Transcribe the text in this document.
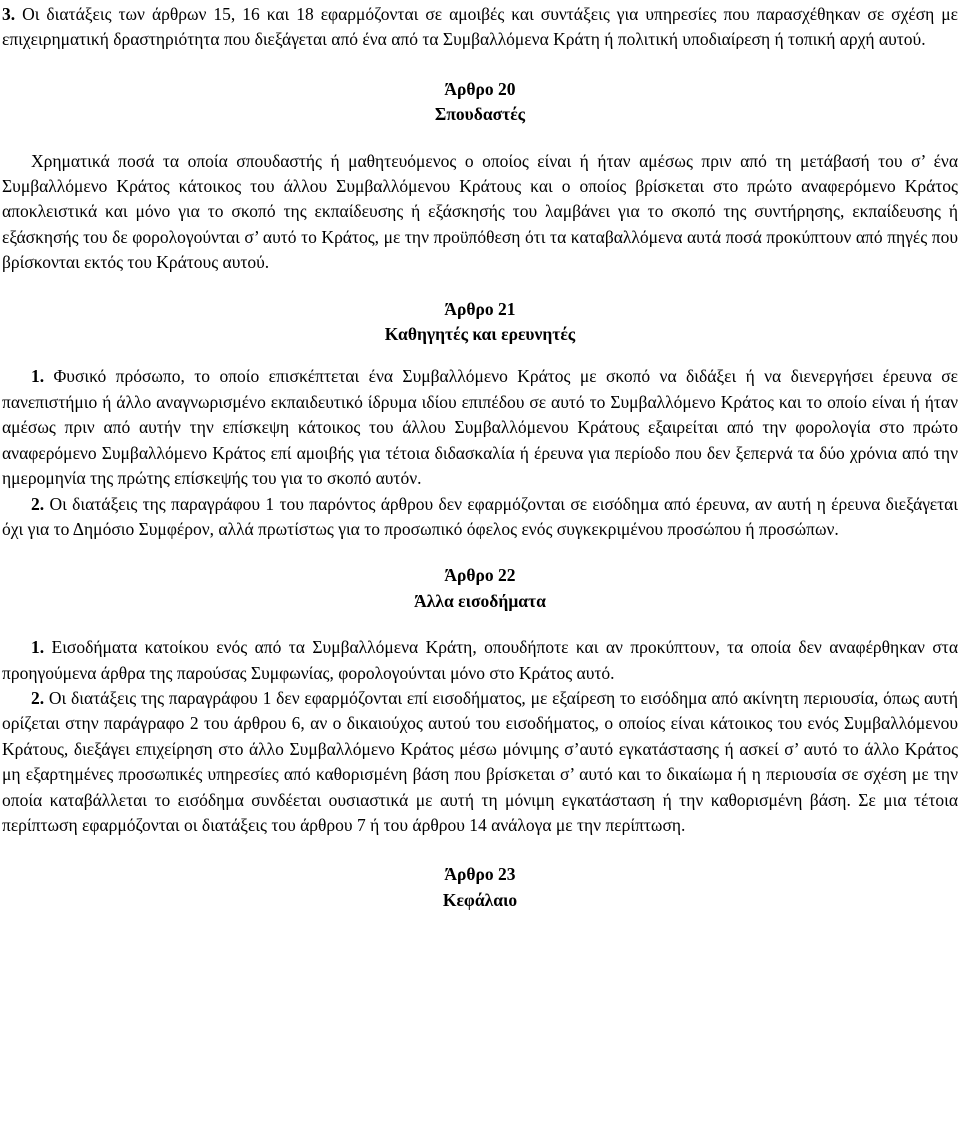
3. Οι διατάξεις των άρθρων 15, 16 και 18 εφαρμόζονται σε αμοιβές και συντάξεις για υπηρεσίες που παρασχέθηκαν σε σχέση με επιχειρηματική δραστηριότητα που διεξάγεται από ένα από τα Συμβαλλόμενα Κράτη ή πολιτική υποδιαίρεση ή τοπική αρχή αυτού.

Άρθρο 20

Σπουδαστές

Χρηματικά ποσά τα οποία σπουδαστής ή μαθητευόμενος ο οποίος είναι ή ήταν αμέσως πριν από τη μετάβασή του σ’ ένα Συμβαλλόμενο Κράτος κάτοικος του άλλου Συμβαλλόμενου Κράτους και ο οποίος βρίσκεται στο πρώτο αναφερόμενο Κράτος αποκλειστικά και μόνο για το σκοπό της εκπαίδευσης ή εξάσκησής του λαμβάνει για το σκοπό της συντήρησης, εκπαίδευσης ή εξάσκησής του δε φορολογούνται σ’ αυτό το Κράτος, με την προϋπόθεση ότι τα καταβαλλόμενα αυτά ποσά προκύπτουν από πηγές που βρίσκονται εκτός του Κράτους αυτού.

Άρθρο 21

Καθηγητές και ερευνητές

1. Φυσικό πρόσωπο, το οποίο επισκέπτεται ένα Συμβαλλόμενο Κράτος με σκοπό να διδάξει ή να διενεργήσει έρευνα σε πανεπιστήμιο ή άλλο αναγνωρισμένο εκπαιδευτικό ίδρυμα ιδίου επιπέδου σε αυτό το Συμβαλλόμενο Κράτος και το οποίο είναι ή ήταν αμέσως πριν από αυτήν την επίσκεψη κάτοικος του άλλου Συμβαλλόμενου Κράτους εξαιρείται από την φορολογία στο πρώτο αναφερόμενο Συμβαλλόμενο Κράτος επί αμοιβής για τέτοια διδασκαλία ή έρευνα για περίοδο που δεν ξεπερνά τα δύο χρόνια από την ημερομηνία της πρώτης επίσκεψής του για το σκοπό αυτόν.

2. Οι διατάξεις της παραγράφου 1 του παρόντος άρθρου δεν εφαρμόζονται σε εισόδημα από έρευνα, αν αυτή η έρευνα διεξάγεται όχι για το Δημόσιο Συμφέρον, αλλά πρωτίστως για το προσωπικό όφελος ενός συγκεκριμένου προσώπου ή προσώπων.

Άρθρο 22

Άλλα εισοδήματα

1. Εισοδήματα κατοίκου ενός από τα Συμβαλλόμενα Κράτη, οπουδήποτε και αν προκύπτουν, τα οποία δεν αναφέρθηκαν στα προηγούμενα άρθρα της παρούσας Συμφωνίας, φορολογούνται μόνο στο Κράτος αυτό.

2. Οι διατάξεις της παραγράφου 1 δεν εφαρμόζονται επί εισοδήματος, με εξαίρεση το εισόδημα από ακίνητη περιουσία, όπως αυτή ορίζεται στην παράγραφο 2 του άρθρου 6, αν ο δικαιούχος αυτού του εισοδήματος, ο οποίος είναι κάτοικος του ενός Συμβαλλόμενου Κράτους, διεξάγει επιχείρηση στο άλλο Συμβαλλόμενο Κράτος μέσω μόνιμης σ’αυτό εγκατάστασης ή ασκεί σ’ αυτό το άλλο Κράτος μη εξαρτημένες προσωπικές υπηρεσίες από καθορισμένη βάση που βρίσκεται σ’ αυτό και το δικαίωμα ή η περιουσία σε σχέση με την οποία καταβάλλεται το εισόδημα συνδέεται ουσιαστικά με αυτή τη μόνιμη εγκατάσταση ή την καθορισμένη βάση. Σε μια τέτοια περίπτωση εφαρμόζονται οι διατάξεις του άρθρου 7 ή του άρθρου 14 ανάλογα με την περίπτωση.

Άρθρο 23

Κεφάλαιο
